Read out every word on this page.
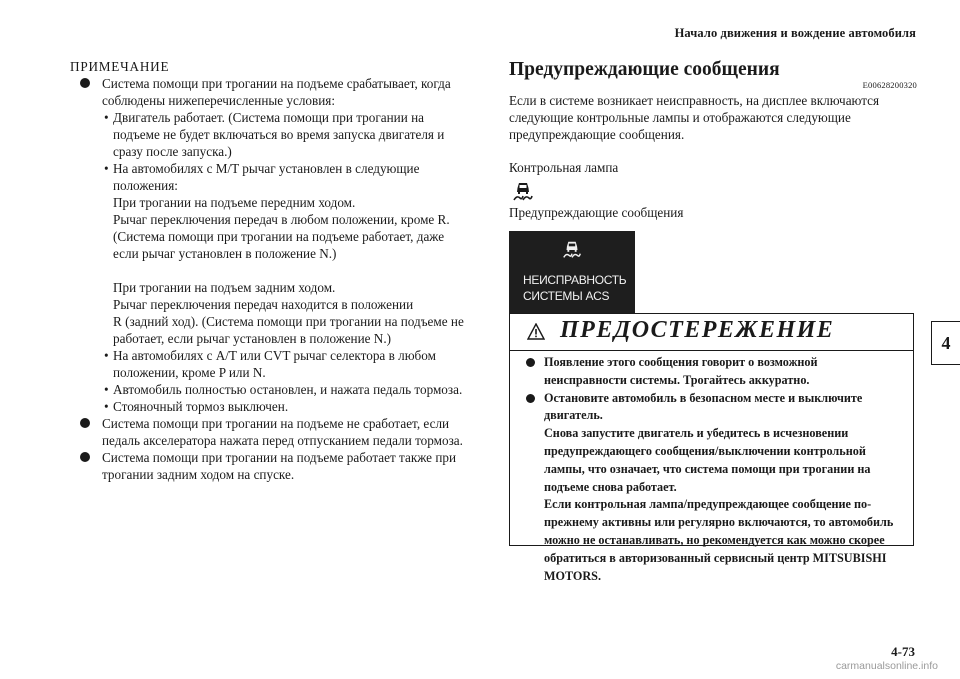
Начало движения и вождение автомобиля
ПРИМЕЧАНИЕ
Система помощи при трогании на подъеме срабатывает, когда
соблюдены нижеперечисленные условия:
• Двигатель работает. (Система помощи при трогании на
подъеме не будет включаться во время запуска двигателя и
сразу после запуска.)
• На автомобилях с M/T рычаг установлен в следующие
положения:
При трогании на подъеме передним ходом.
Рычаг переключения передач в любом положении, кроме R.
(Система помощи при трогании на подъеме работает, даже
если рычаг установлен в положение N.)
При трогании на подъем задним ходом.
Рычаг переключения передач находится в положении
R (задний ход). (Система помощи при трогании на подъеме не
работает, если рычаг установлен в положение N.)
• На автомобилях с A/T или CVT рычаг селектора в любом
положении, кроме P или N.
• Автомобиль полностью остановлен, и нажата педаль тормоза.
• Стояночный тормоз выключен.
Система помощи при трогании на подъеме не сработает, если
педаль акселератора нажата перед отпусканием педали тормоза.
Система помощи при трогании на подъеме работает также при
трогании задним ходом на спуске.
Предупреждающие сообщения
E00628200320
Если в системе возникает неисправность, на дисплее включаются
следующие контрольные лампы и отображаются следующие
предупреждающие сообщения.
Контрольная лампа
Предупреждающие сообщения
НЕИСПРАВНОСТЬ
СИСТЕМЫ ACS
ПРЕДОСТЕРЕЖЕНИЕ
Появление этого сообщения говорит о возможной
неисправности системы. Трогайтесь аккуратно.
Остановите автомобиль в безопасном месте и выключите
двигатель.
Снова запустите двигатель и убедитесь в исчезновении
предупреждающего сообщения/выключении контрольной
лампы, что означает, что система помощи при трогании на
подъеме снова работает.
Если контрольная лампа/предупреждающее сообщение по-
прежнему активны или регулярно включаются, то автомобиль
можно не останавливать, но рекомендуется как можно скорее
обратиться в авторизованный сервисный центр MITSUBISHI
MOTORS.
4
4-73
carmanualsonline.info
